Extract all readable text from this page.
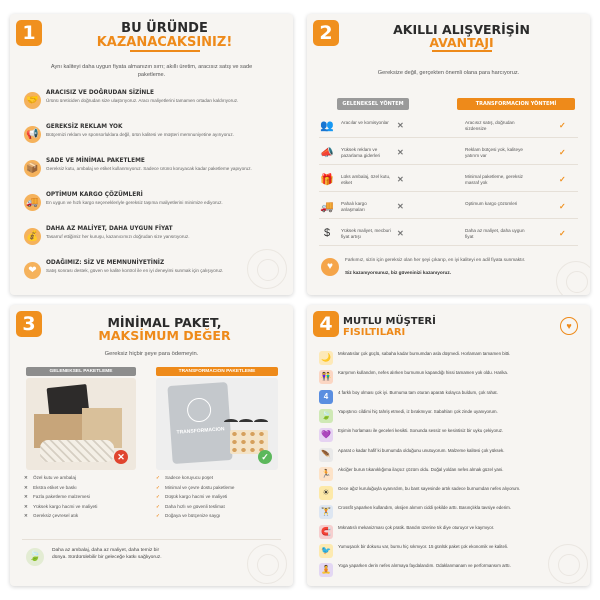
1	BU ÜRÜNDE
KAZANACAKSINIZ!
Aynı kaliteyi daha uygun fiyata almanızın sırrı; akıllı üretim, aracısız satış ve sade paketleme.
🤝
ARACISIZ VE DOĞRUDAN SİZİNLE
Ürünü üreticiden doğrudan size ulaştırıyoruz. Aracı maliyetlerini tamamen ortadan kaldırıyoruz.
📢
GEREKSİZ REKLAM YOK
Bütçemizi reklam ve sponsorluklara değil, ürün kalitesi ve müşteri memnuniyetine ayırıyoruz.
📦
SADE VE MİNİMAL PAKETLEME
Gereksiz kutu, ambalaj ve etiket kullanmıyoruz. Sadece ürünü koruyacak kadar paketleme yapıyoruz.
🚚
OPTİMUM KARGO ÇÖZÜMLERİ
En uygun ve hızlı kargo seçenekleriyle gereksiz taşıma maliyetlerini minimize ediyoruz.
💰
DAHA AZ MALİYET, DAHA UYGUN FİYAT
Tasarruf ettiğimiz her kuruşu, kazanıcımızı doğrudan size yansıtıyoruz.
❤
ODAĞIMIZ: SİZ VE MEMNUNİYETİNİZ
Satış sonrası destek, güven ve kalite kontrol ile en iyi deneyimi sunmak için çalışıyoruz.
2	AKILLI ALIŞVERİŞİN
AVANTAJI
Gereksize değil, gerçekten önemli olana para harcıyoruz.
GELENEKSEL YÖNTEM	TRANSFORMACION YÖNTEMİ
👥 Aracılar ve komisyonlar ✕	Aracısız satış, doğrudan sizdensize	✓
📣 Yüksek reklam ve pazarlama giderleri	✕	Reklam bütçesi yok, kaliteye yatırım var	✓
🎁 Lüks ambalaj, özel kutu, etiket	✕	Minimal paketleme, gereksiz masraf yok	✓
🚚 Pahalı kargo anlaşmaları	✕	Optimum kargo çözümleri	✓
$	Yüksek maliyet, mecburi fiyat artışı	✕	Daha az maliyet, daha uygun fiyat	✓
♥
Farkımız, sizin için gereksiz olan her şeyi çıkarıp, en iyi kaliteyi en adil fiyata sunmaktır.
Siz kazanıyorsunuz, biz güveninizi kazanıyoruz.
3	MİNİMAL PAKET,
MAKSİMUM DEĞER
Gereksiz hiçbir şeye para ödemeyin.
GELENEKSEL PAKETLEME	TRANSFORMACION PAKETLEME
✕
TRANSFORMACION
✓
✕ Özel kutu ve ambalaj
✕ Ekstra etiket ve baskı
✕ Fazla paketleme malzemesi
✕ Yüksek kargo hacmi ve maliyeti
✕ Gereksiz çevresel atık
✓ Sadece koruyucu poşet
✓ Minimal ve çevre dostu paketleme
✓ Düşük kargo hacmi ve maliyeti
✓ Daha hızlı ve güvenli teslimat
✓ Doğaya ve bütçenize saygı
🍃
Daha az ambalaj, daha az maliyet, daha temiz bir dünya. Sürdürülebilir bir geleceğe katkı sağlıyoruz.
4	MUTLU MÜŞTERİ
FISILTILARI
♥
🌙	Mıknatıslar çok güçlü, sabaha kadar burnumdan asla düşmedi. Horlamam tamamen bitti.
👫	Karşımın kullandım, nefes alırken burnumun kapandığı hissi tamamen yok oldu. Harika.
4	4 farklı boy olması çok iyi. Burnuma tam oturan aparatı kolayca buldum, çok rahat.
🍃	Yapıştırıcı cildimi hiç tahriş etmedi, iz bırakmıyor. Sabahları çok zinde uyanıyorum.
💜	Eşimin horlaması ile geceleri kesikti. Sonunda sessiz ve kesintisiz bir uyku çekiyoruz.
🪶	Aparat o kadar hafif ki burnumda olduğunu unutuyorum. Malzeme kalitesi çok yüksek.
🏃	Akciğer burun tıkanıklığıma ilaçsız çözüm oldu. Doğal yoldan nefes almak güzel yani.
☀	Gece ağız kuruluğuyla uyanırdım, bu bant sayesinde artık sadece burnumdan nefes alıyorum.
🏋	Crossfit yaparken kullandım, oksijen alımım ciddi şekilde arttı. Basınçlıkla tavsiye ederim.
🧲	Mıknatıslı mekanizması çok pratik. Bandın üzerine tık diye oturuyor ve kaymıyor.
🐦	Yumuşacık bir dokusu var, burnu hiç sıkmıyor. 15 günlük paket çok ekonomik ve kaliteli.
🧘	Yoga yaparken derin nefes alırmaya faydalandım. Odaklanmanam ve performansım arttı.
